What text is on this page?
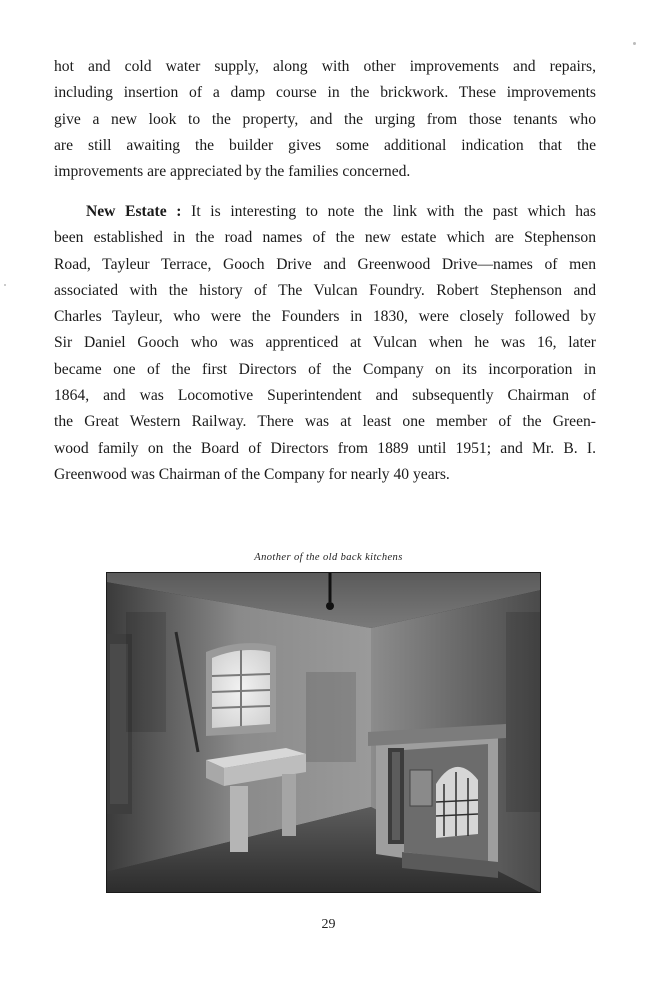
hot and cold water supply, along with other improvements and repairs,
including insertion of a damp course in the brickwork. These improvements
give a new look to the property, and the urging from those tenants who
are still awaiting the builder gives some additional indication that the
improvements are appreciated by the families concerned.

New Estate : It is interesting to note the link with the past which has
been established in the road names of the new estate which are Stephenson
Road, Tayleur Terrace, Gooch Drive and Greenwood Drive—names of men
associated with the history of The Vulcan Foundry. Robert Stephenson and
Charles Tayleur, who were the Founders in 1830, were closely followed by
Sir Daniel Gooch who was apprenticed at Vulcan when he was 16, later
became one of the first Directors of the Company on its incorporation in
1864, and was Locomotive Superintendent and subsequently Chairman of
the Great Western Railway. There was at least one member of the Green-
wood family on the Board of Directors from 1889 until 1951; and Mr. B. I.
Greenwood was Chairman of the Company for nearly 40 years.

Another of the old back kitchens
29
